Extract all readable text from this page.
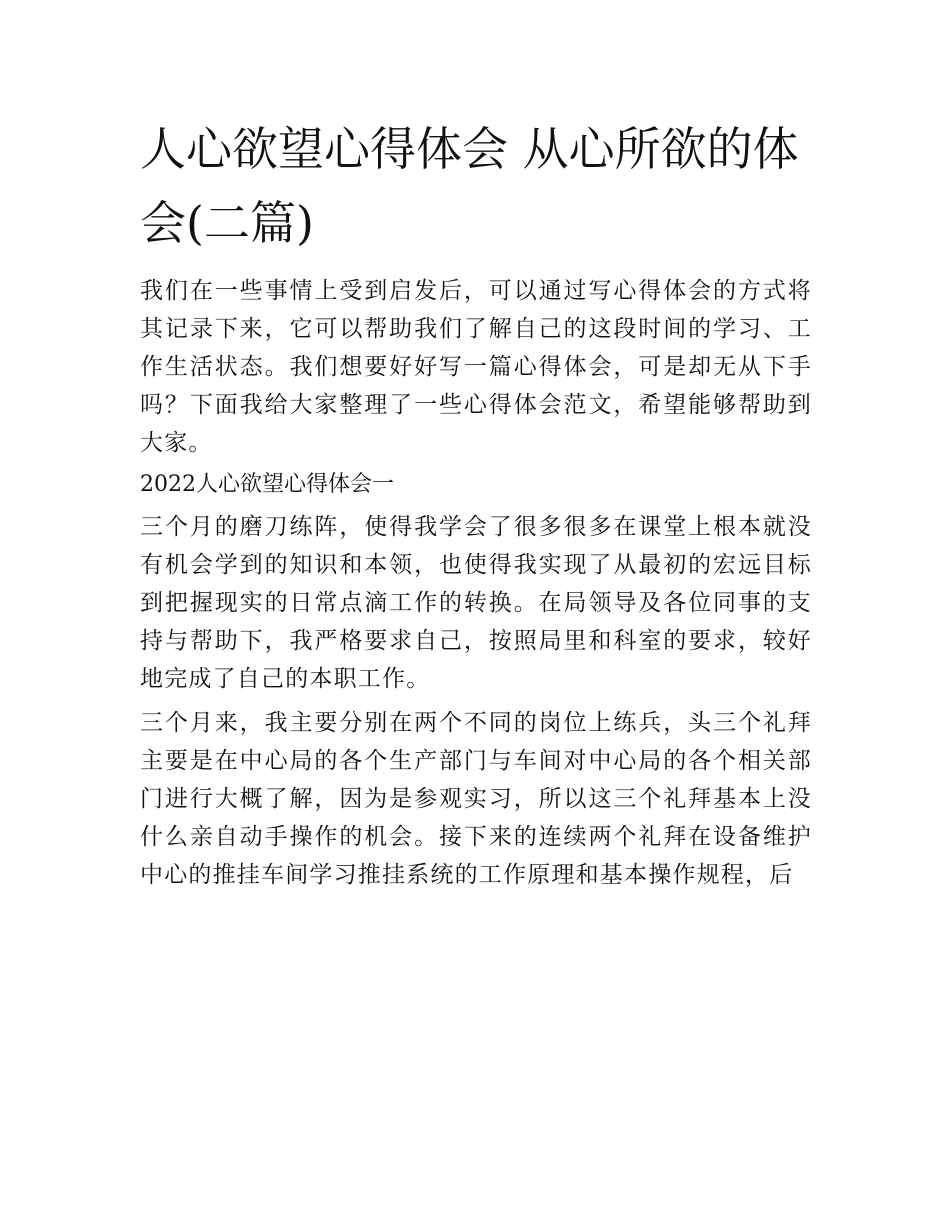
人心欲望心得体会 从心所欲的体会(二篇)

我们在一些事情上受到启发后，可以通过写心得体会的方式将其记录下来，它可以帮助我们了解自己的这段时间的学习、工作生活状态。我们想要好好写一篇心得体会，可是却无从下手吗？下面我给大家整理了一些心得体会范文，希望能够帮助到大家。

2022人心欲望心得体会一

三个月的磨刀练阵，使得我学会了很多很多在课堂上根本就没有机会学到的知识和本领，也使得我实现了从最初的宏远目标到把握现实的日常点滴工作的转换。在局领导及各位同事的支持与帮助下，我严格要求自己，按照局里和科室的要求，较好地完成了自己的本职工作。

三个月来，我主要分别在两个不同的岗位上练兵，头三个礼拜主要是在中心局的各个生产部门与车间对中心局的各个相关部门进行大概了解，因为是参观实习，所以这三个礼拜基本上没什么亲自动手操作的机会。接下来的连续两个礼拜在设备维护中心的推挂车间学习推挂系统的工作原理和基本操作规程，后
